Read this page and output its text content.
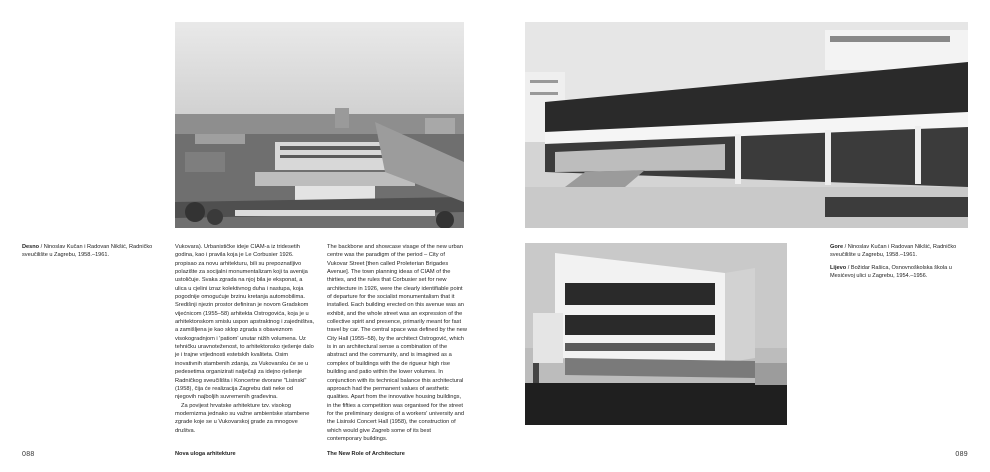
Desno / Ninoslav Kučan i Radovan Nikšić, Radničko sveučilište u Zagrebu, 1958.–1961.

Gore / Ninoslav Kučan i Radovan Nikšić, Radničko sveučilište u Zagrebu, 1958.–1961.

Lijevo / Božidar Rašica, Osnovnoškolska škola u Mesićevoj ulici u Zagrebu, 1954.–1956.

Vukovara). Urbanističke ideje CIAM-a iz tridesetih godina, kao i pravila koja je Le Corbusier 1926. propisao za novu arhitekturu, bili su prepoznatljivo polazište za socijalni monumentalizam koji ta avenija ustoličuje. Svaka zgrada na njoj bila je eksponat, a ulica u cjelini izraz kolektivnog duha i nastupa, koja pogodnije omogućuje brzinu kretanja automobilima. Središnji njezin prostor definiran je novom Gradskom vijećnicom (1955–58) arhitekta Ostrogovića, koja je u arhitektonskom smislu uspon apstraktnog i zajedništva, a zamišljena je kao sklop zgrada s obaveznom visokogradnjom i 'patiom' unutar nižih volumena. Uz tehničku uravnoteženost, to arhitektonsko rješenje dalo je i trajne vrijednosti estetskih kvaliteta. Osim inovativnih stambenih zdanja, za Vukovarsku će se u pedesetima organizirati natječaji za idejno rješenje Radničkog sveučilišta i Koncertne dvorane "Lisinski" (1958), čija će realizacija Zagrebu dati neke od njegovih najboljih suvremenih građevina.

Za povijest hrvatske arhitekture tzv. visokog modernizma jednako su važne ambientske stambene zgrade koje se u Vukovarskoj grade za mnogove društva.

The backbone and showcase visage of the new urban centre was the paradigm of the period – City of Vukovar Street [then called Proleterian Brigades Avenue]. The town planning ideas of CIAM of the thirties, and the rules that Corbusier set for new architecture in 1926, were the clearly identifiable point of departure for the socialist monumentalism that it installed. Each building erected on this avenue was an exhibit, and the whole street was an expression of the collective spirit and presence, primarily meant for fast travel by car. The central space was defined by the new City Hall (1955–58), by the architect Ostrogović, which is in an architectural sense a combination of the abstract and the community, and is imagined as a complex of buildings with the de rigueur high rise building and patio within the lower volumes. In conjunction with its technical balance this architectural approach had the permanent values of aesthetic qualities. Apart from the innovative housing buildings, in the fifties a competition was organised for the street for the preliminary designs of a workers' university and the Lisinski Concert Hall (1958), the construction of which would give Zagreb some of its best contemporary buildings.

088	Nova uloga arhitekture	The New Role of Architecture	089
